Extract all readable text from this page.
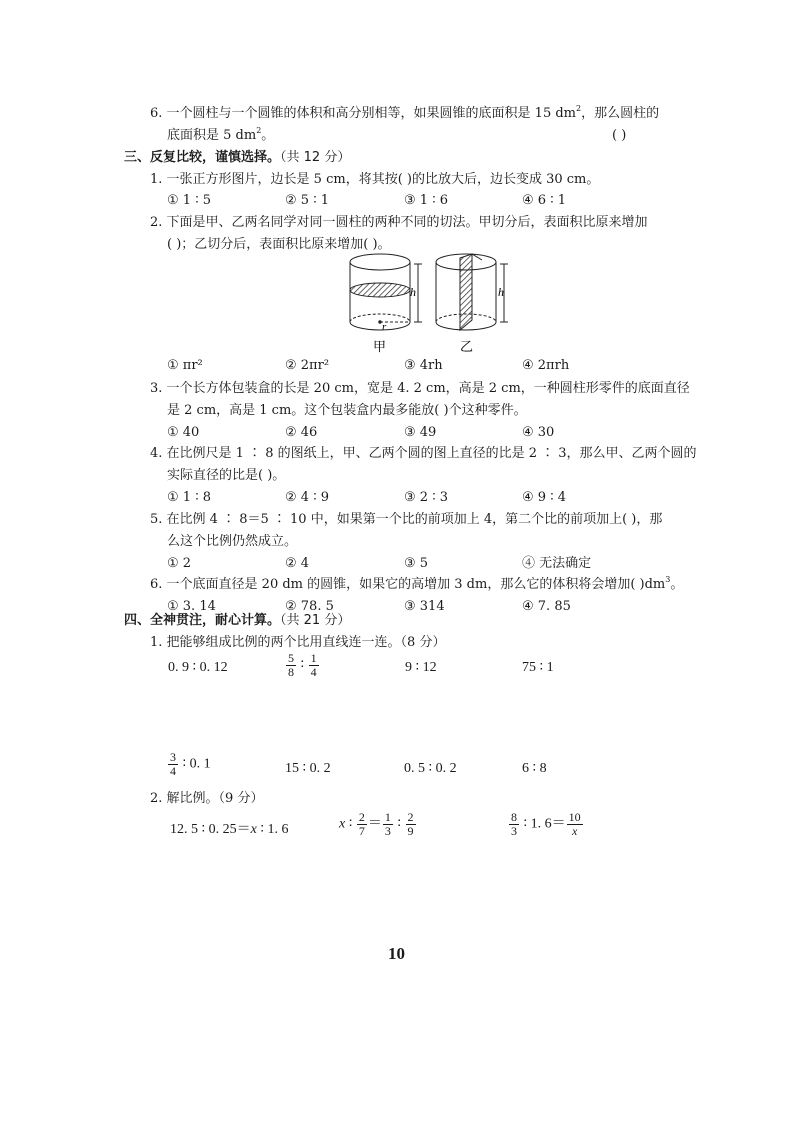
6. 一个圆柱与一个圆锥的体积和高分别相等，如果圆锥的底面积是 15 $dm^2$，那么圆柱的
底面积是 5 $dm^2$。	( )
三、反复比较，谨慎选择。（共 12 分）
1. 一张正方形图片，边长是 5 cm，将其按( )的比放大后，边长变成 30 cm。
① 1 ∶ 5	② 5 ∶ 1	③ 1 ∶ 6	④ 6 ∶ 1
2. 下面是甲、乙两名同学对同一圆柱的两种不同的切法。甲切分后，表面积比原来增加
( )；乙切分后，表面积比原来增加( )。
r
h
甲
h
乙
① πr²	② 2πr²	③ 4rh	④ 2πrh
3. 一个长方体包装盒的长是 20 cm，宽是 4. 2 cm，高是 2 cm，一种圆柱形零件的底面直径
是 2 cm，高是 1 cm。这个包装盒内最多能放( )个这种零件。
① 40	② 46	③ 49	④ 30
4. 在比例尺是 1 ∶ 8 的图纸上，甲、乙两个圆的图上直径的比是 2 ∶ 3，那么甲、乙两个圆的
实际直径的比是( )。
① 1 ∶ 8	② 4 ∶ 9	③ 2 ∶ 3	④ 9 ∶ 4
5. 在比例 4 ∶ 8＝5 ∶ 10 中，如果第一个比的前项加上 4，第二个比的前项加上( )，那
么这个比例仍然成立。
① 2	② 4	③ 5	④ 无法确定
6. 一个底面直径是 20 dm 的圆锥，如果它的高增加 3 dm，那么它的体积将会增加( )$dm^3$。
① 3. 14	② 78. 5	③ 314	④ 7. 85
四、全神贯注，耐心计算。（共 21 分）
1. 把能够组成比例的两个比用直线连一连。（8 分）
0. 9 ∶ 0. 12	$\frac{5}{8}$ ∶ $\frac{1}{4}$	9 ∶ 12	75 ∶ 1
$\frac{3}{4}$ ∶ 0. 1	15 ∶ 0. 2	0. 5 ∶ 0. 2	6 ∶ 8
2. 解比例。（9 分）
12. 5 ∶ 0. 25＝x ∶ 1. 6	x ∶ $\frac{2}{7} = \frac{1}{3}$ ∶ $\frac{2}{9}$	$\frac{8}{3}$ ∶ 1. $6= \frac{10}{x}$
10
